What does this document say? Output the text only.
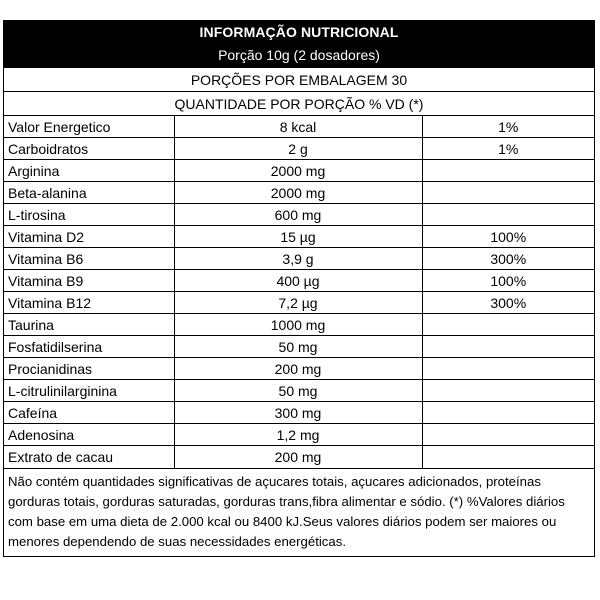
INFORMAÇÃO NUTRICIONAL
Porção 10g (2 dosadores)
PORÇÕES POR EMBALAGEM 30
QUANTIDADE POR PORÇÃO % VD (*)
Valor Energetico	8 kcal	1%
Carboidratos	2 g	1%
Arginina	2000 mg	
Beta-alanina	2000 mg	
L-tirosina	600 mg	
Vitamina D2	15 µg	100%
Vitamina B6	3,9 g	300%
Vitamina B9	400 µg	100%
Vitamina B12	7,2 µg	300%
Taurina	1000 mg	
Fosfatidilserina	50 mg	
Procianidinas	200 mg	
L-citrulinilarginina	50 mg	
Cafeína	300 mg	
Adenosina	1,2 mg	
Extrato de cacau	200 mg	
Não contém quantidades significativas de açucares totais, açucares adicionados, proteínas gorduras totais, gorduras saturadas, gorduras trans,fibra alimentar e sódio. (*) %Valores diários com base em uma dieta de 2.000 kcal ou 8400 kJ.Seus valores diários podem ser maiores ou menores dependendo de suas necessidades energéticas.
